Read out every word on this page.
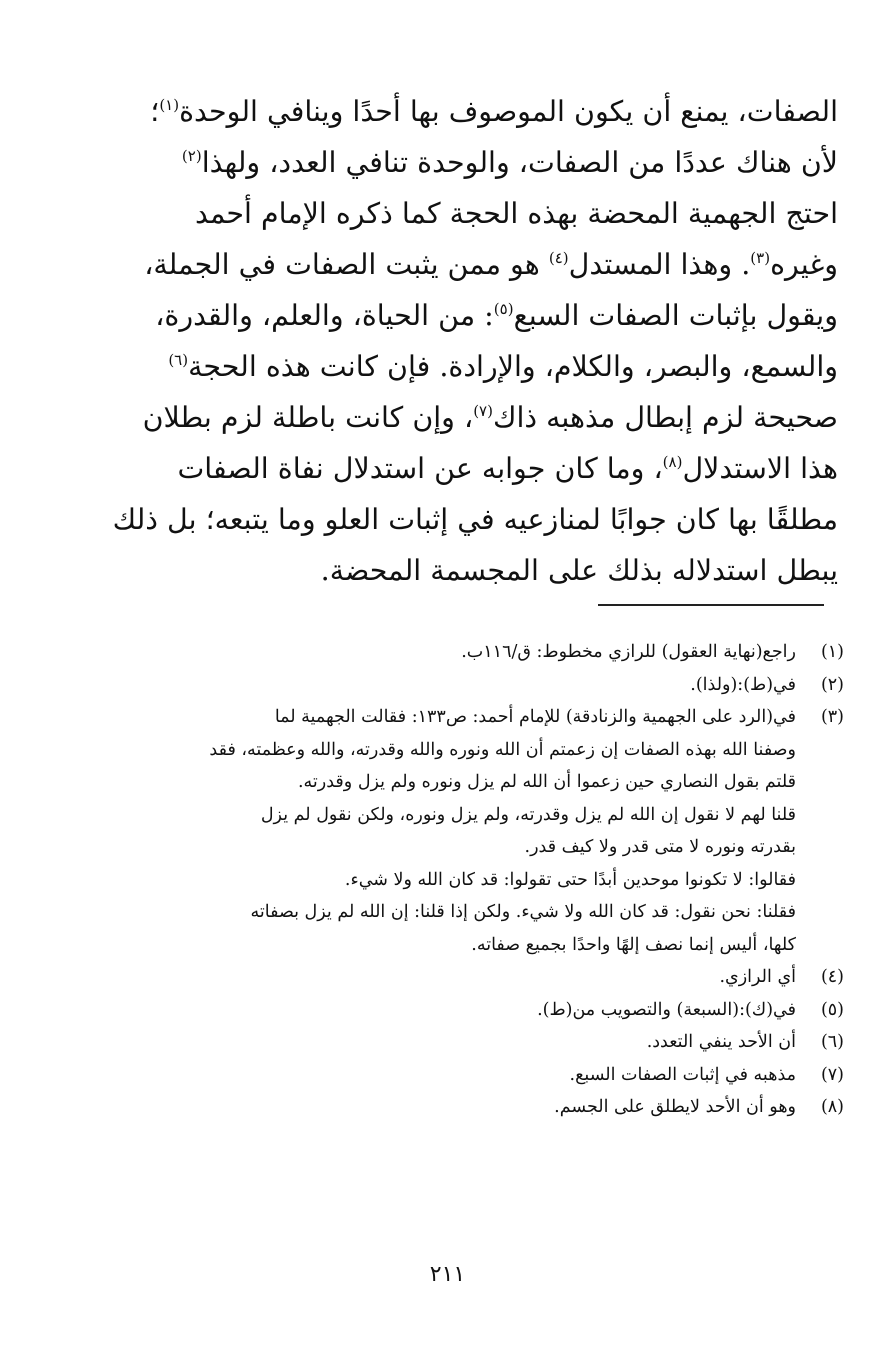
الصفات، يمنع أن يكون الموصوف بها أحدًا وينافي الوحدة$^{(١)}$؛
لأن هناك عددًا من الصفات، والوحدة تنافي العدد، ولهذا$^{(٢)}$
احتج الجهمية المحضة بهذه الحجة كما ذكره الإمام أحمد
وغيره$^{(٣)}$. وهذا المستدل$^{(٤)}$ هو ممن يثبت الصفات في الجملة،
ويقول بإثبات الصفات السبع$^{(٥)}$: من الحياة، والعلم، والقدرة،
والسمع، والبصر، والكلام، والإرادة. فإن كانت هذه الحجة$^{(٦)}$
صحيحة لزم إبطال مذهبه ذاك$^{(٧)}$، وإن كانت باطلة لزم بطلان
هذا الاستدلال$^{(٨)}$، وما كان جوابه عن استدلال نفاة الصفات
مطلقًا بها كان جوابًا لمنازعيه في إثبات العلو وما يتبعه؛ بل ذلك
يبطل استدلاله بذلك على المجسمة المحضة.
(١)
راجع(نهاية العقول) للرازي مخطوط: ق/١١٦ب.
(٢)
في(ط):(ولذا).
(٣)
في(الرد على الجهمية والزنادقة) للإمام أحمد: ص١٣٣: فقالت الجهمية لما
وصفنا الله بهذه الصفات إن زعمتم أن الله ونوره والله وقدرته، والله وعظمته، فقد
قلتم بقول النصاري حين زعموا أن الله لم يزل ونوره ولم يزل وقدرته.
قلنا لهم لا نقول إن الله لم يزل وقدرته، ولم يزل ونوره، ولكن نقول لم يزل
بقدرته ونوره لا متى قدر ولا كيف قدر.
فقالوا: لا تكونوا موحدين أبدًا حتى تقولوا: قد كان الله ولا شيء.
فقلنا: نحن نقول: قد كان الله ولا شيء. ولكن إذا قلنا: إن الله لم يزل بصفاته
كلها، أليس إنما نصف إلهًا واحدًا بجميع صفاته.
(٤)
أي الرازي.
(٥)
في(ك):(السبعة) والتصويب من(ط).
(٦)
أن الأحد ينفي التعدد.
(٧)
مذهبه في إثبات الصفات السبع.
(٨)
وهو أن الأحد لايطلق على الجسم.
٢١١
